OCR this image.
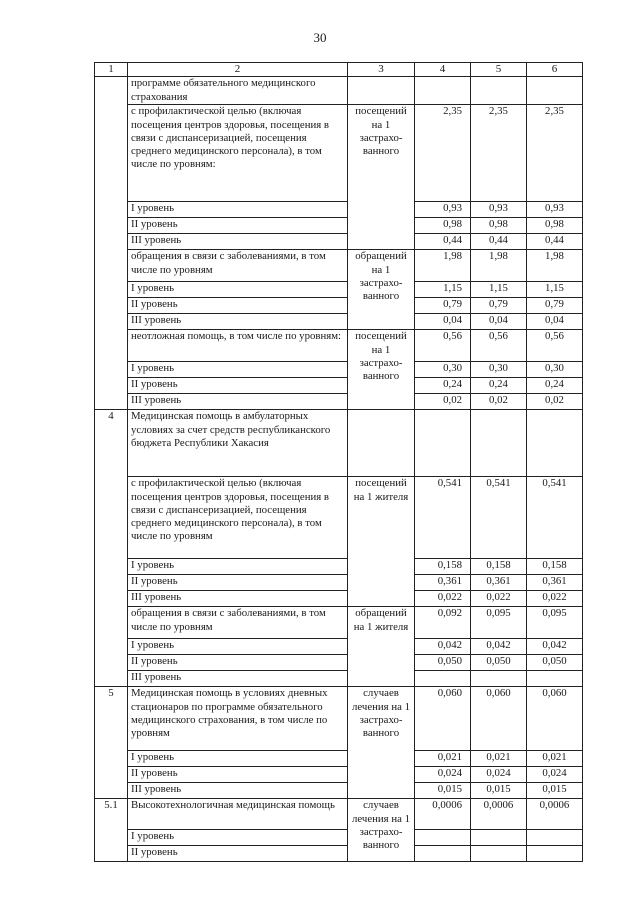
30
1	2	3	4	5	6
	программе обязательного медицинского страхования				
	с профилактической целью (включая посещения центров здоровья, посещения в связи с диспансеризацией, посещения среднего медицинского персонала), в том числе по уровням:	посещений на 1 застрахо-ванного	2,35	2,35	2,35
	I уровень		0,93	0,93	0,93
	II уровень		0,98	0,98	0,98
	III уровень		0,44	0,44	0,44
	обращения в связи с заболеваниями, в том числе по уровням	обращений на 1 застрахо-ванного	1,98	1,98	1,98
	I уровень		1,15	1,15	1,15
	II уровень		0,79	0,79	0,79
	III уровень		0,04	0,04	0,04
	неотложная помощь, в том числе по уровням:	посещений на 1 застрахо-ванного	0,56	0,56	0,56
	I уровень		0,30	0,30	0,30
	II уровень		0,24	0,24	0,24
	III уровень		0,02	0,02	0,02
4	Медицинская помощь в амбулаторных условиях за счет средств республиканского бюджета Республики Хакасия				
	с профилактической целью (включая посещения центров здоровья, посещения в связи с диспансеризацией, посещения среднего медицинского персонала), в том числе по уровням	посещений на 1 жителя	0,541	0,541	0,541
	I уровень		0,158	0,158	0,158
	II уровень		0,361	0,361	0,361
	III уровень		0,022	0,022	0,022
	обращения в связи с заболеваниями, в том числе по уровням	обращений на 1 жителя	0,092	0,095	0,095
	I уровень		0,042	0,042	0,042
	II уровень		0,050	0,050	0,050
	III уровень				
5	Медицинская помощь в условиях дневных стационаров по программе обязательного медицинского страхования, в том числе по уровням	случаев лечения на 1 застрахо-ванного	0,060	0,060	0,060
	I уровень		0,021	0,021	0,021
	II уровень		0,024	0,024	0,024
	III уровень		0,015	0,015	0,015
5.1	Высокотехнологичная медицинская помощь	случаев лечения на 1 застрахо-ванного	0,0006	0,0006	0,0006
	I уровень				
	II уровень				
